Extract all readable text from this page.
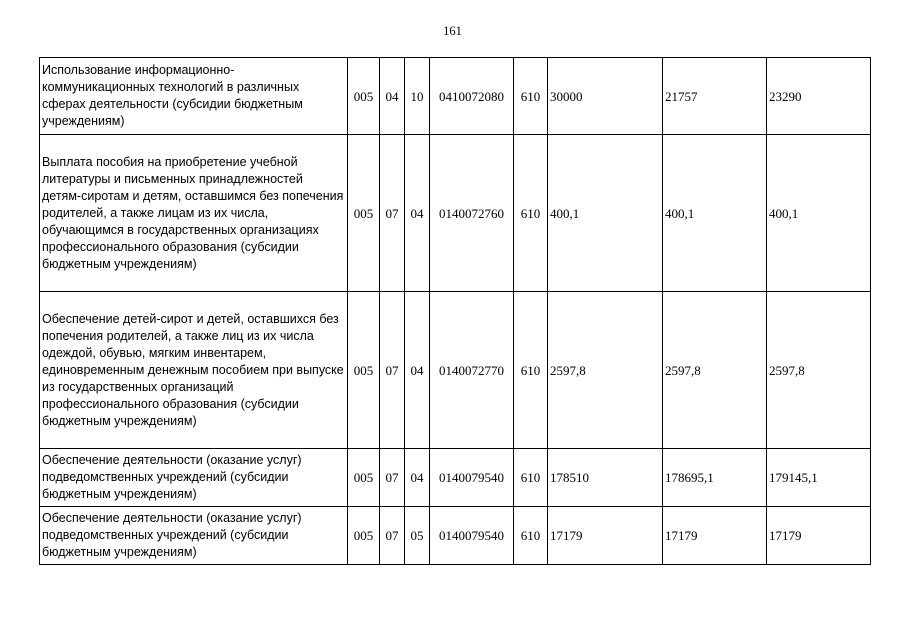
161
Использование информационно-коммуникационных технологий в различных сферах деятельности (субсидии бюджетным учреждениям)	005	04	10	0410072080	610	30000	21757	23290
Выплата пособия на приобретение учебной литературы и письменных принадлежностей детям-сиротам и детям, оставшимся без попечения родителей, а также лицам из их числа, обучающимся в государственных организациях профессионального образования (субсидии бюджетным учреждениям)	005	07	04	0140072760	610	400,1	400,1	400,1
Обеспечение детей-сирот и детей, оставшихся без попечения родителей, а также лиц из их числа одеждой, обувью, мягким инвентарем, единовременным денежным пособием при выпуске из государственных организаций профессионального образования (субсидии бюджетным учреждениям)	005	07	04	0140072770	610	2597,8	2597,8	2597,8
Обеспечение деятельности (оказание услуг) подведомственных учреждений (субсидии бюджетным учреждениям)	005	07	04	0140079540	610	178510	178695,1	179145,1
Обеспечение деятельности (оказание услуг) подведомственных учреждений (субсидии бюджетным учреждениям)	005	07	05	0140079540	610	17179	17179	17179
